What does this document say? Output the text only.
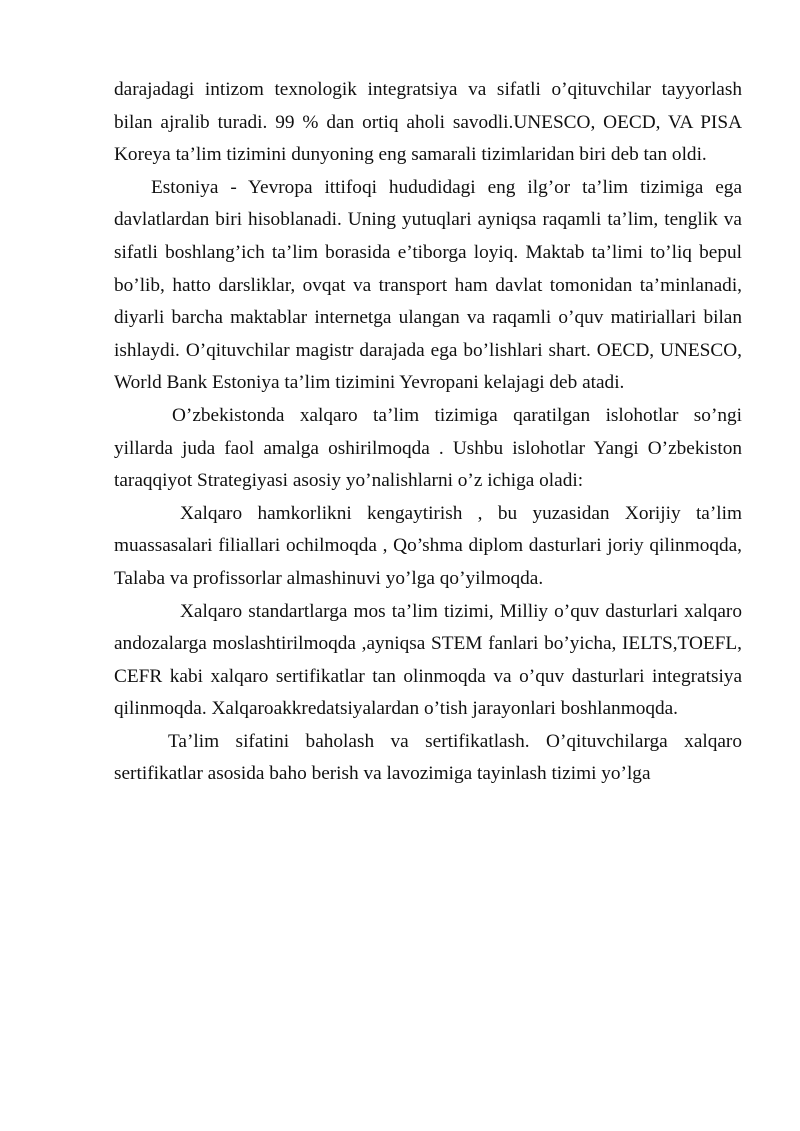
darajadagi intizom texnologik integratsiya va sifatli o’qituvchilar tayyorlash bilan ajralib turadi. 99 % dan ortiq aholi savodli.UNESCO, OECD, VA PISA Koreya ta’lim tizimini dunyoning eng samarali tizimlaridan biri deb tan oldi.

Estoniya - Yevropa ittifoqi hududidagi eng ilg’or ta’lim tizimiga ega davlatlardan biri hisoblanadi. Uning yutuqlari ayniqsa raqamli ta’lim, tenglik va sifatli boshlang’ich ta’lim borasida e’tiborga loyiq. Maktab ta’limi to’liq bepul bo’lib, hatto darsliklar, ovqat va transport ham davlat tomonidan ta’minlanadi, diyarli barcha maktablar internetga ulangan va raqamli o’quv matiriallari bilan ishlaydi. O’qituvchilar magistr darajada ega bo’lishlari shart. OECD, UNESCO, World Bank Estoniya ta’lim tizimini Yevropani kelajagi deb atadi.

O’zbekistonda xalqaro ta’lim tizimiga qaratilgan islohotlar so’ngi yillarda juda faol amalga oshirilmoqda . Ushbu islohotlar Yangi O’zbekiston taraqqiyot Strategiyasi asosiy yo’nalishlarni o’z ichiga oladi:

Xalqaro hamkorlikni kengaytirish , bu yuzasidan Xorijiy ta’lim muassasalari filiallari ochilmoqda , Qo’shma diplom dasturlari joriy qilinmoqda, Talaba va profissorlar almashinuvi yo’lga qo’yilmoqda.

Xalqaro standartlarga mos ta’lim tizimi, Milliy o’quv dasturlari xalqaro andozalarga moslashtirilmoqda ,ayniqsa STEM fanlari bo’yicha, IELTS,TOEFL, CEFR kabi xalqaro sertifikatlar tan olinmoqda va o’quv dasturlari integratsiya qilinmoqda. Xalqaroakkredatsiyalardan o’tish jarayonlari boshlanmoqda.

Ta’lim sifatini baholash va sertifikatlash. O’qituvchilarga xalqaro sertifikatlar asosida baho berish va lavozimiga tayinlash tizimi yo’lga
